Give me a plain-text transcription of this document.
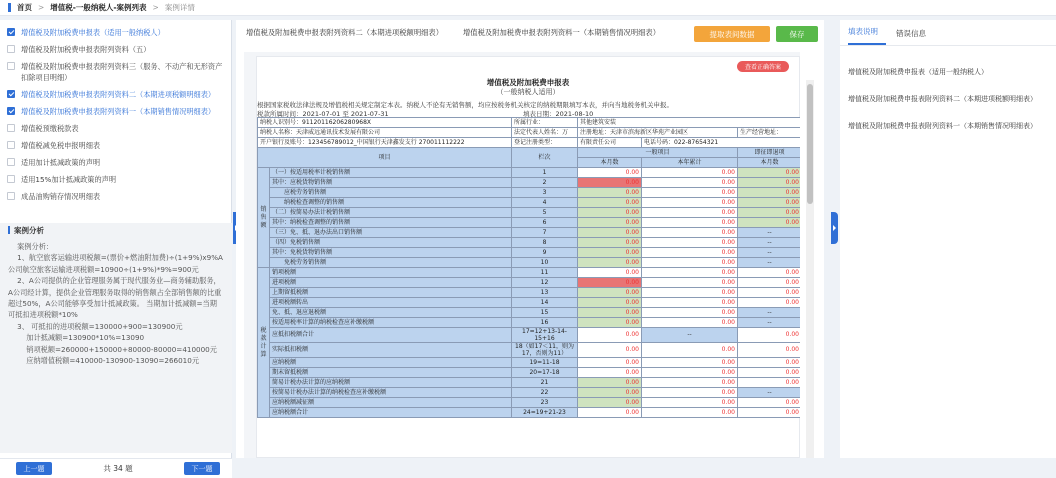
首页 > 增值税-一般纳税人-案例列表 > 案例详情
增值税及附加税费申报表（适用一般纳税人）
增值税及附加税费申报表附列资料（五）
增值税及附加税费申报表附列资料三（服务、不动产和无形资产扣除项目明细）
增值税及附加税费申报表附列资料二（本期进项税额明细表）
增值税及附加税费申报表附列资料一（本期销售情况明细表）
增值税预缴税款表
增值税减免税申报明细表
适用加计抵减政策的声明
适用15%加计抵减政策的声明
成品油购销存情况明细表
案例分析
案例分析：
1、航空旅客运输进项税额=(票价+燃油附加费)÷(1+9%)x9%A公司航空旅客运输进项税额=10900÷(1+9%)*9%=900元
2、A公司提供的企业管理服务属于现代服务业—商务辅助服务，A公司经计算，提供企业管理服务取得的销售额占全部销售额的比重超过50%，A公司能够享受加计抵减政策。 当期加计抵减额=当期可抵扣进项税额*10%
3、 可抵扣的进项税额=130000+900=130900元
加计抵减额=130900*10%=13090
销项税额=260000+150000+80000-80000=410000元
应纳增值税额=410000-130900-13090=266010元
上一题	共 34 题	下一题
增值税及附加税费申报表附列资料二（本期进项税额明细表）	增值税及附加税费申报表附列资料一（本期销售情况明细表）	提取表间数据	保存
查看正确答案
增值税及附加税费申报表
（一般纳税人适用）
根据国家税收法律法规及增值税相关规定制定本表。纳税人不论有无销售额，均应按税务机关核定的纳税期限填写本表，并向当地税务机关申报。
税款所属时间：2021-07-01 至 2021-07-31	填表日期：2021-08-10
纳税人识别号：91120116206280968X		所属行业：	其他建筑安装		
纳税人名称：天津威远通讯技术发展有限公司		法定代表人姓名：万	注册地址：天津市滨海新区华苑产业园区		生产经营地址：
开户银行及账号：123456789012_中国银行天津鑫发支行 270011112222		登记注册类型：	有限责任公司	电话号码：022-87654321	
项目		栏次	一般项目		即征即退项
			本月数	本年累计	本月数
销售额	（一）按适用税率计税销售额	1	0.00	0.00	0.00
	其中：应税货物销售额	2	0.00	0.00	0.00
	应税劳务销售额	3	0.00	0.00	0.00
	纳税检查调整的销售额	4	0.00	0.00	0.00
	（二）按简易办法计税销售额	5	0.00	0.00	0.00
	其中：纳税检查调整的销售额	6	0.00	0.00	0.00
	（三）免、抵、退办法出口销售额	7	0.00	0.00	--
	（四）免税销售额	8	0.00	0.00	--
	其中：免税货物销售额	9	0.00	0.00	--
	免税劳务销售额	10	0.00	0.00	--
税款计算	销项税额	11	0.00	0.00	0.00
	进项税额	12	0.00	0.00	0.00
	上期留抵税额	13	0.00	0.00	0.00
	进项税额转出	14	0.00	0.00	0.00
	免、抵、退应退税额	15	0.00	0.00	--
	按适用税率计算的纳税检查应补缴税额	16	0.00	0.00	--
	应抵扣税额合计	17=12+13-14-15+16	0.00	--	0.00
	实际抵扣税额	18（如17＜11，则为17，否则为11）	0.00	0.00	0.00
	应纳税额	19=11-18	0.00	0.00	0.00
	期末留抵税额	20=17-18	0.00	0.00	0.00
	简易计税办法计算的应纳税额	21	0.00	0.00	0.00
	按简易计税办法计算的纳税检查应补缴税额	22	0.00	0.00	--
	应纳税额减征额	23	0.00	0.00	0.00
	应纳税额合计	24=19+21-23	0.00	0.00	0.00
填表说明	错误信息
增值税及附加税费申报表（适用一般纳税人）
增值税及附加税费申报表附列资料二（本期进项税额明细表）
增值税及附加税费申报表附列资料一（本期销售情况明细表）
